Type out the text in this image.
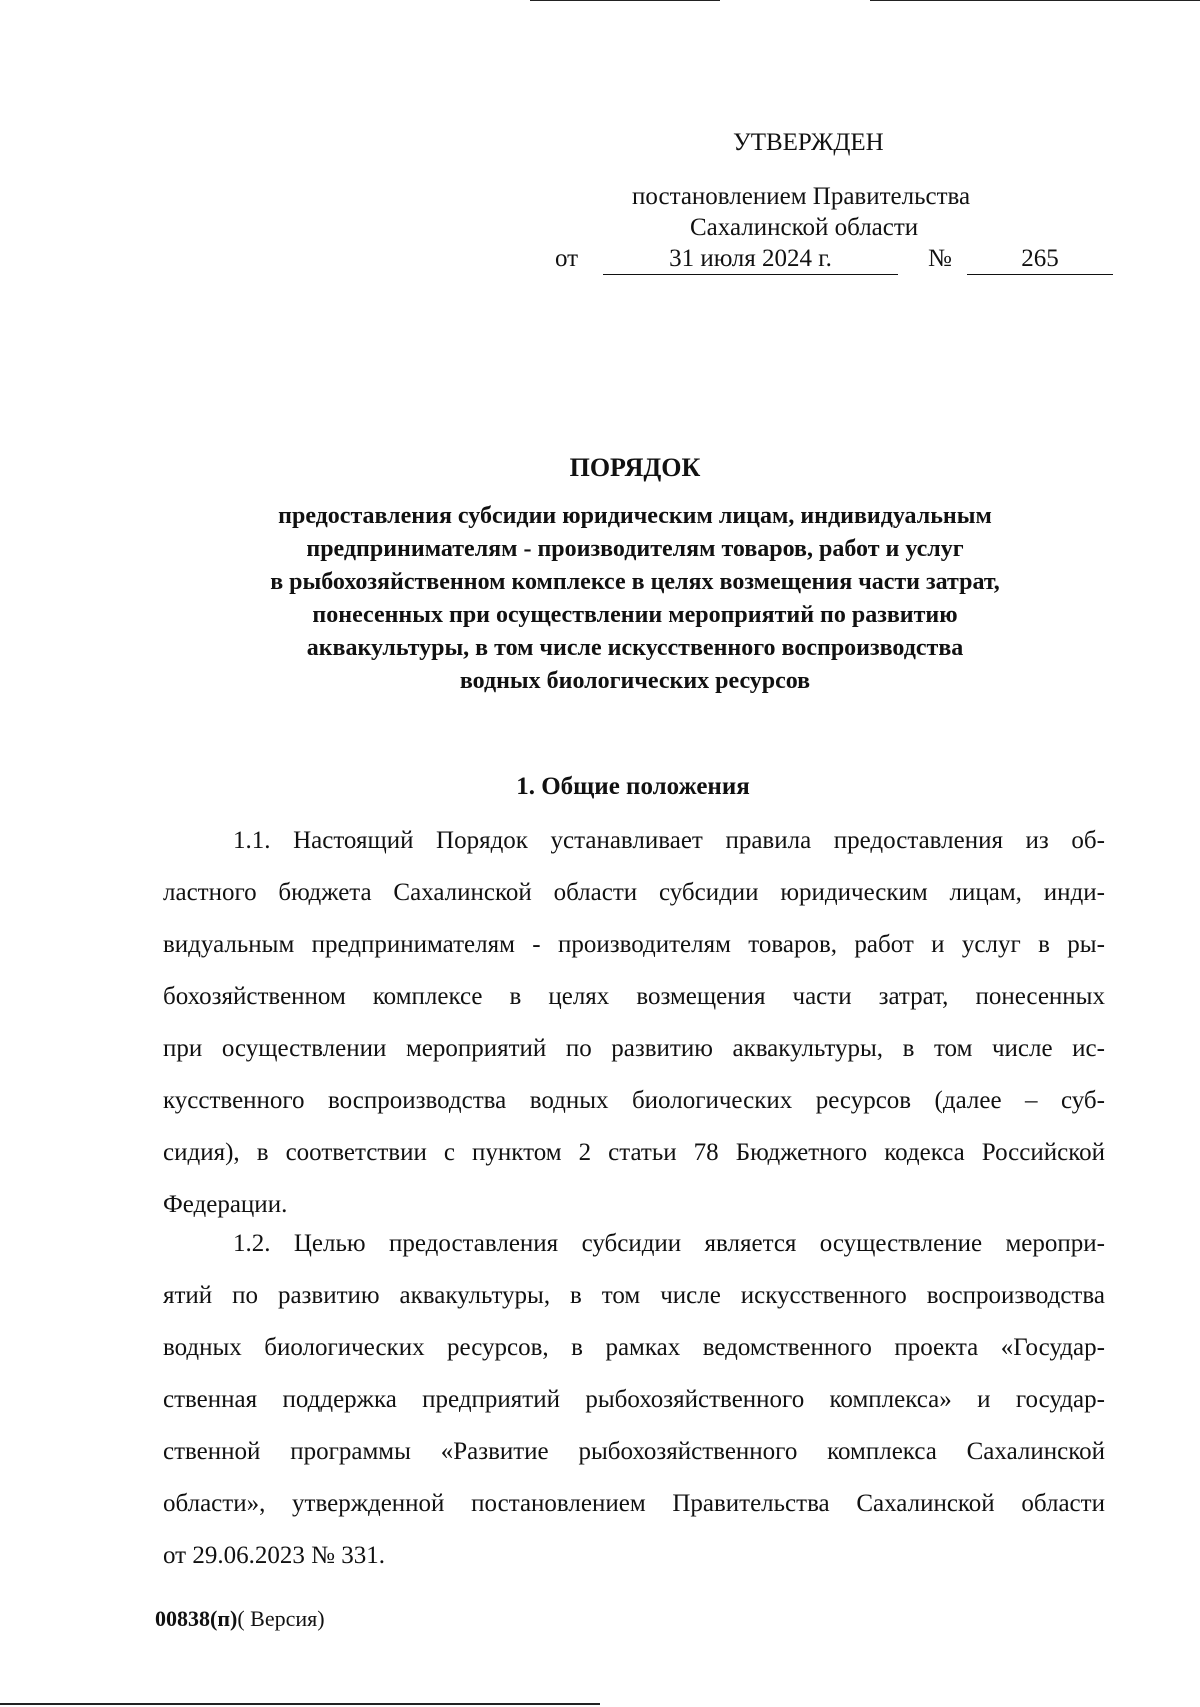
УТВЕРЖДЕН
постановлением Правительства
Сахалинской области
от	31 июля 2024 г.	№	265
ПОРЯДОК
предоставления субсидии юридическим лицам, индивидуальным
предпринимателям - производителям товаров, работ и услуг
в рыбохозяйственном комплексе в целях возмещения части затрат,
понесенных при осуществлении мероприятий по развитию
аквакультуры, в том числе искусственного воспроизводства
водных биологических ресурсов
1. Общие положения
1.1. Настоящий Порядок устанавливает правила предоставления из об-
ластного бюджета Сахалинской области субсидии юридическим лицам, инди-
видуальным предпринимателям - производителям товаров, работ и услуг в ры-
бохозяйственном комплексе в целях возмещения части затрат, понесенных
при осуществлении мероприятий по развитию аквакультуры, в том числе ис-
кусственного воспроизводства водных биологических ресурсов (далее – суб-
сидия), в соответствии с пунктом 2 статьи 78 Бюджетного кодекса Российской
Федерации.
1.2. Целью предоставления субсидии является осуществление меропри-
ятий по развитию аквакультуры, в том числе искусственного воспроизводства
водных биологических ресурсов, в рамках ведомственного проекта «Государ-
ственная поддержка предприятий рыбохозяйственного комплекса» и государ-
ственной программы «Развитие рыбохозяйственного комплекса Сахалинской
области», утвержденной постановлением Правительства Сахалинской области
от 29.06.2023 № 331.
00838(п)( Версия)
